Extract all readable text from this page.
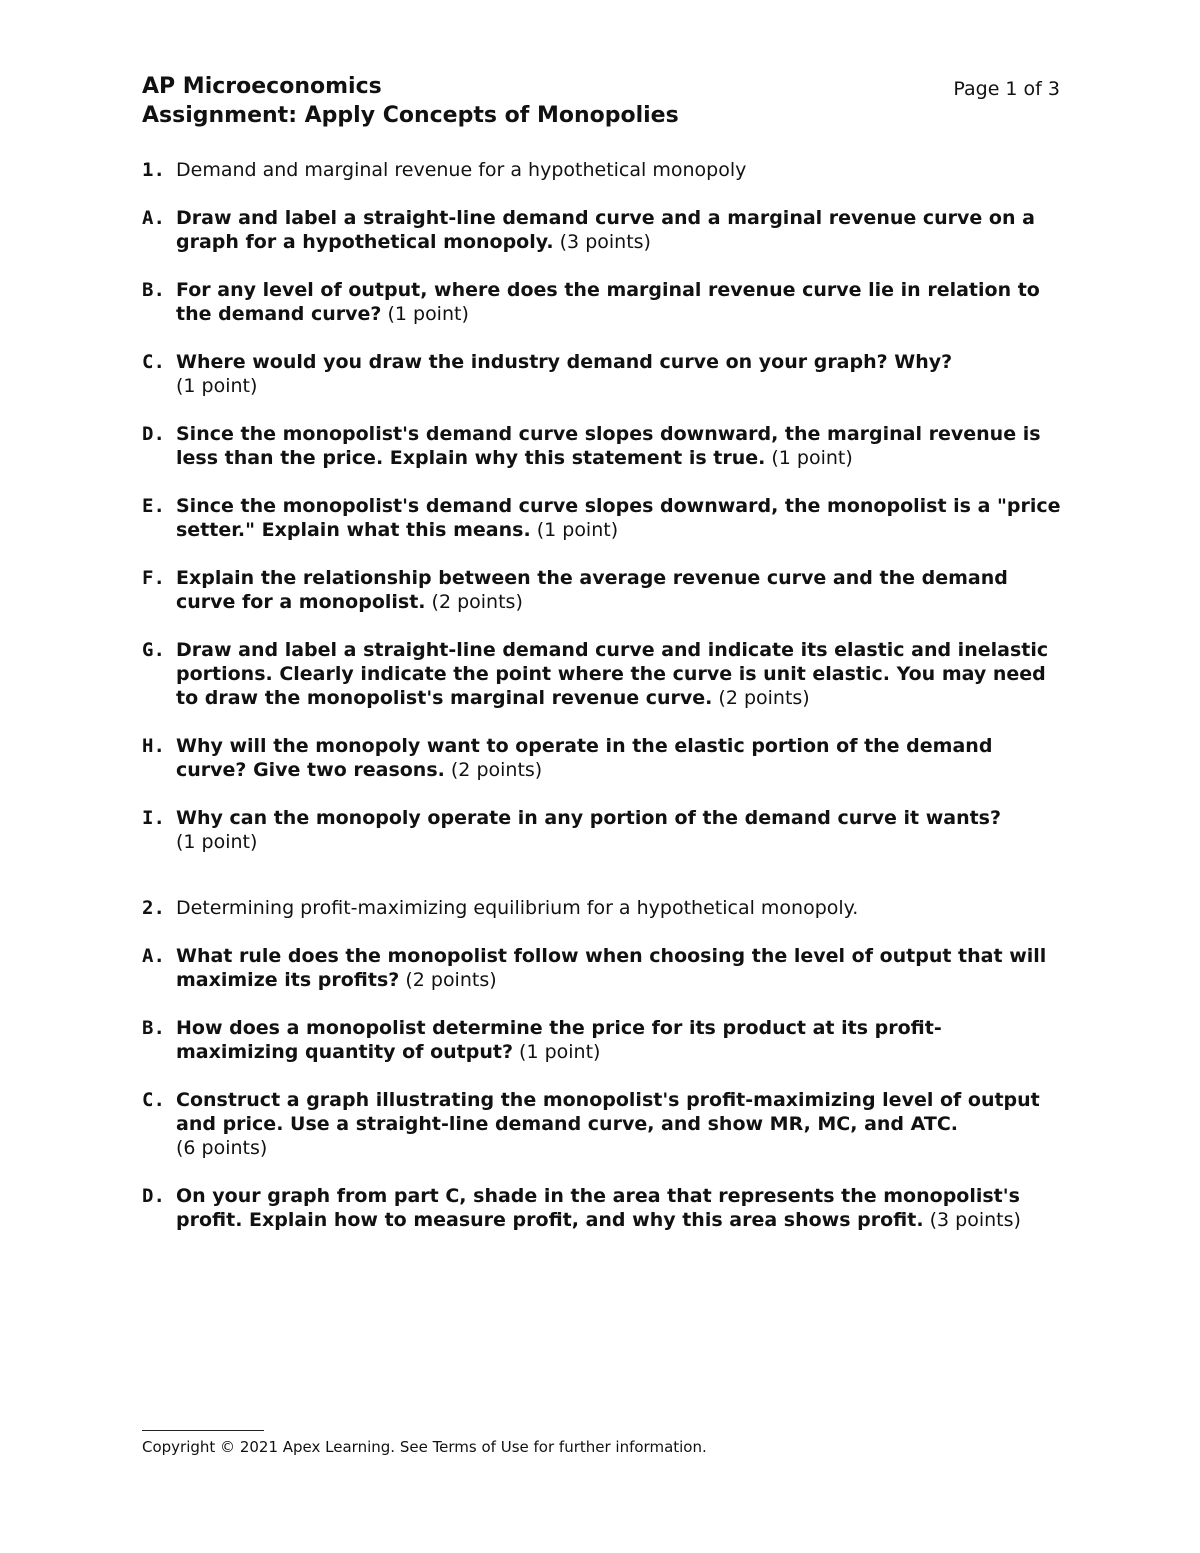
AP Microeconomics
Assignment: Apply Concepts of Monopolies
Page 1 of 3
1. Demand and marginal revenue for a hypothetical monopoly
A. Draw and label a straight-line demand curve and a marginal revenue curve on a graph for a hypothetical monopoly. (3 points)
B. For any level of output, where does the marginal revenue curve lie in relation to the demand curve? (1 point)
C. Where would you draw the industry demand curve on your graph? Why?
(1 point)
D. Since the monopolist's demand curve slopes downward, the marginal revenue is less than the price. Explain why this statement is true. (1 point)
E. Since the monopolist's demand curve slopes downward, the monopolist is a "price setter." Explain what this means. (1 point)
F. Explain the relationship between the average revenue curve and the demand curve for a monopolist. (2 points)
G. Draw and label a straight-line demand curve and indicate its elastic and inelastic portions. Clearly indicate the point where the curve is unit elastic. You may need to draw the monopolist's marginal revenue curve. (2 points)
H. Why will the monopoly want to operate in the elastic portion of the demand curve? Give two reasons. (2 points)
I. Why can the monopoly operate in any portion of the demand curve it wants?
(1 point)
2. Determining profit-maximizing equilibrium for a hypothetical monopoly.
A. What rule does the monopolist follow when choosing the level of output that will maximize its profits? (2 points)
B. How does a monopolist determine the price for its product at its profit-maximizing quantity of output? (1 point)
C. Construct a graph illustrating the monopolist's profit-maximizing level of output and price. Use a straight-line demand curve, and show MR, MC, and ATC.
(6 points)
D. On your graph from part C, shade in the area that represents the monopolist's profit. Explain how to measure profit, and why this area shows profit. (3 points)
Copyright © 2021 Apex Learning. See Terms of Use for further information.
